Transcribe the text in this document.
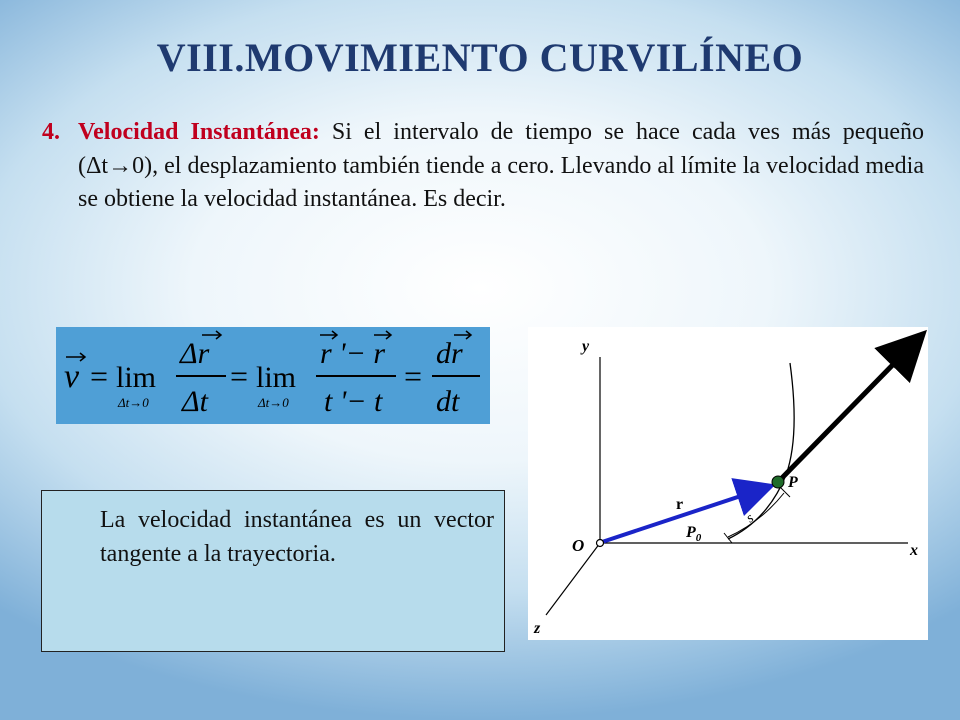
VIII.MOVIMIENTO CURVILÍNEO
4. Velocidad Instantánea: Si el intervalo de tiempo se hace cada ves más pequeño (Δt→0), el desplazamiento también tiende a cero. Llevando al límite la velocidad media se obtiene la velocidad instantánea. Es decir.
v = lim
Δt→0
Δr
Δt
= lim
Δt→0
r '− r
t '− t
=
dr
dt
La velocidad instantánea es un vector tangente a la trayectoria.
y
x
z
s
v
r
O
P
$P_0$
